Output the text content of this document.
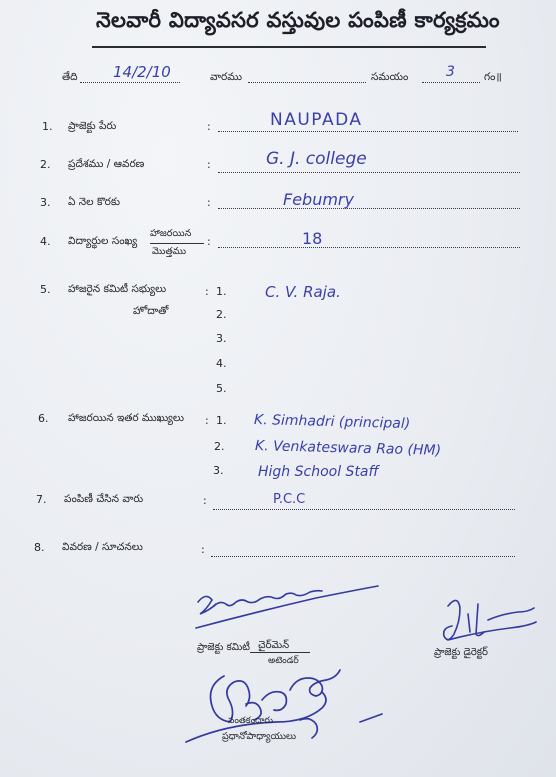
నెలవారీ విద్యావసర వస్తువుల పంపిణీ కార్యక్రమం
తేది 14/2/10	వారము	సమయం	3	గం॥
1. ప్రాజెక్టు పేరు	:	NAUPADA
2. ప్రదేశము / ఆవరణ	:	G. J. college
3. ఏ నెల కొరకు	:	Febumry
4. విద్యార్థుల సంఖ్య
హాజరయిన
మొత్తము
:	18
5. హాజరైన కమిటీ సభ్యులు
హోదాతో
: 1.	C. V. Raja.
2.
3.
4.
5.
6. హాజరయిన ఇతర ముఖ్యులు : 1. K. Simhadri (principal)
2. K. Venkateswara Rao (HM)
3. High School Staff
7. పంపిణీ చేసిన వారు	:	P.C.C
8. వివరణ / సూచనలు	:
చైర్‌మెన్
ప్రాజెక్టు కమిటీ
అటెండర్
ప్రాజెక్టు డైరెక్టర్
సంతకందారు
ప్రధానోపాధ్యాయులు
